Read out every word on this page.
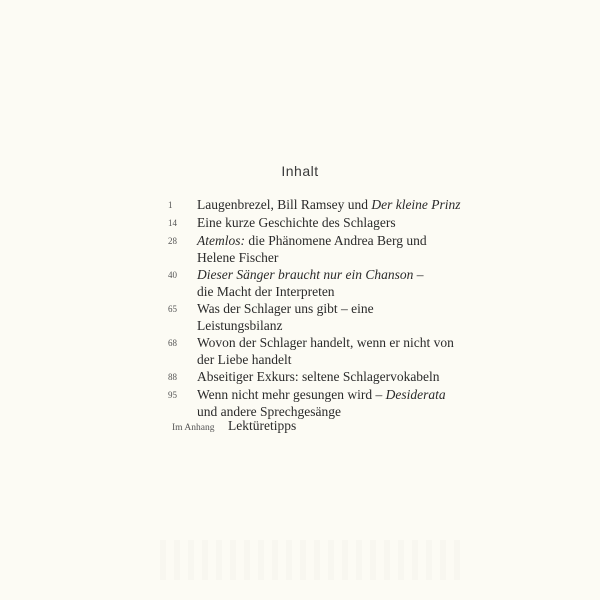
Inhalt
1	Laugenbrezel, Bill Ramsey und Der kleine Prinz
14	Eine kurze Geschichte des Schlagers
28	Atemlos: die Phänomene Andrea Berg und
Helene Fischer
40	Dieser Sänger braucht nur ein Chanson –
die Macht der Interpreten
65	Was der Schlager uns gibt – eine
Leistungsbilanz
68	Wovon der Schlager handelt, wenn er nicht von
der Liebe handelt
88	Abseitiger Exkurs: seltene Schlagervokabeln
95	Wenn nicht mehr gesungen wird – Desiderata
und andere Sprechgesänge
Im Anhang	Lektüretipps
